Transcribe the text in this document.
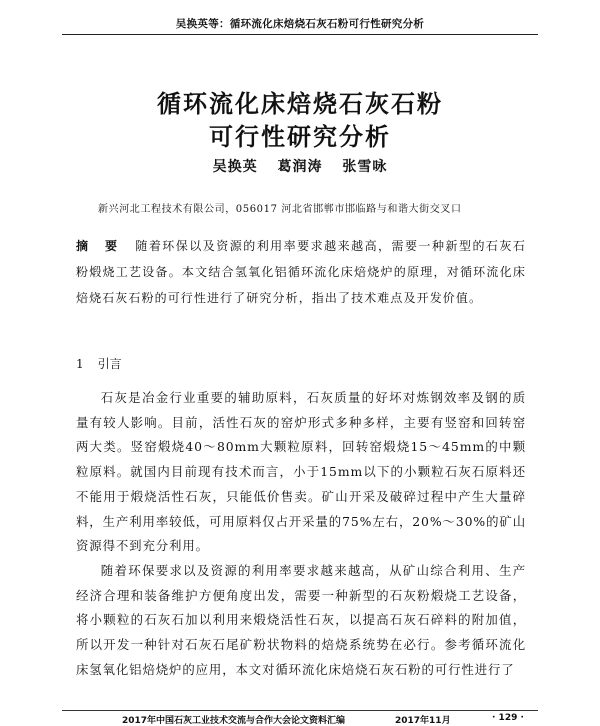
吴换英等：循环流化床焙烧石灰石粉可行性研究分析
循环流化床焙烧石灰石粉
可行性研究分析
吴换英 葛润涛 张雪咏
新兴河北工程技术有限公司，056017 河北省邯郸市邯临路与和谐大街交叉口
摘 要 随着环保以及资源的利用率要求越来越高，需要一种新型的石灰石粉煅烧工艺设备。本文结合氢氧化铝循环流化床焙烧炉的原理，对循环流化床焙烧石灰石粉的可行性进行了研究分析，指出了技术难点及开发价值。
1 引言

石灰是冶金行业重要的辅助原料，石灰质量的好坏对炼钢效率及钢的质量有较人影响。目前，活性石灰的窑炉形式多种多样，主要有竖窑和回转窑两大类。竖窑煅烧40～80mm大颗粒原料，回转窑煅烧15～45mm的中颗粒原料。就国内目前现有技术而言，小于15mm以下的小颗粒石灰石原料还不能用于煅烧活性石灰，只能低价售卖。矿山开采及破碎过程中产生大量碎料，生产利用率较低，可用原料仅占开采量的75%左右，20%～30%的矿山资源得不到充分利用。

随着环保要求以及资源的利用率要求越来越高，从矿山综合利用、生产经济合理和装备维护方便角度出发，需要一种新型的石灰粉煅烧工艺设备，将小颗粒的石灰石加以利用来煅烧活性石灰，以提高石灰石碎料的附加值，所以开发一种针对石灰石尾矿粉状物料的焙烧系统势在必行。参考循环流化床氢氧化铝焙烧炉的应用，本文对循环流化床焙烧石灰石粉的可行性进行了

2017年中国石灰工业技术交流与合作大会论文资料汇编	2017年11月	· 129 ·
